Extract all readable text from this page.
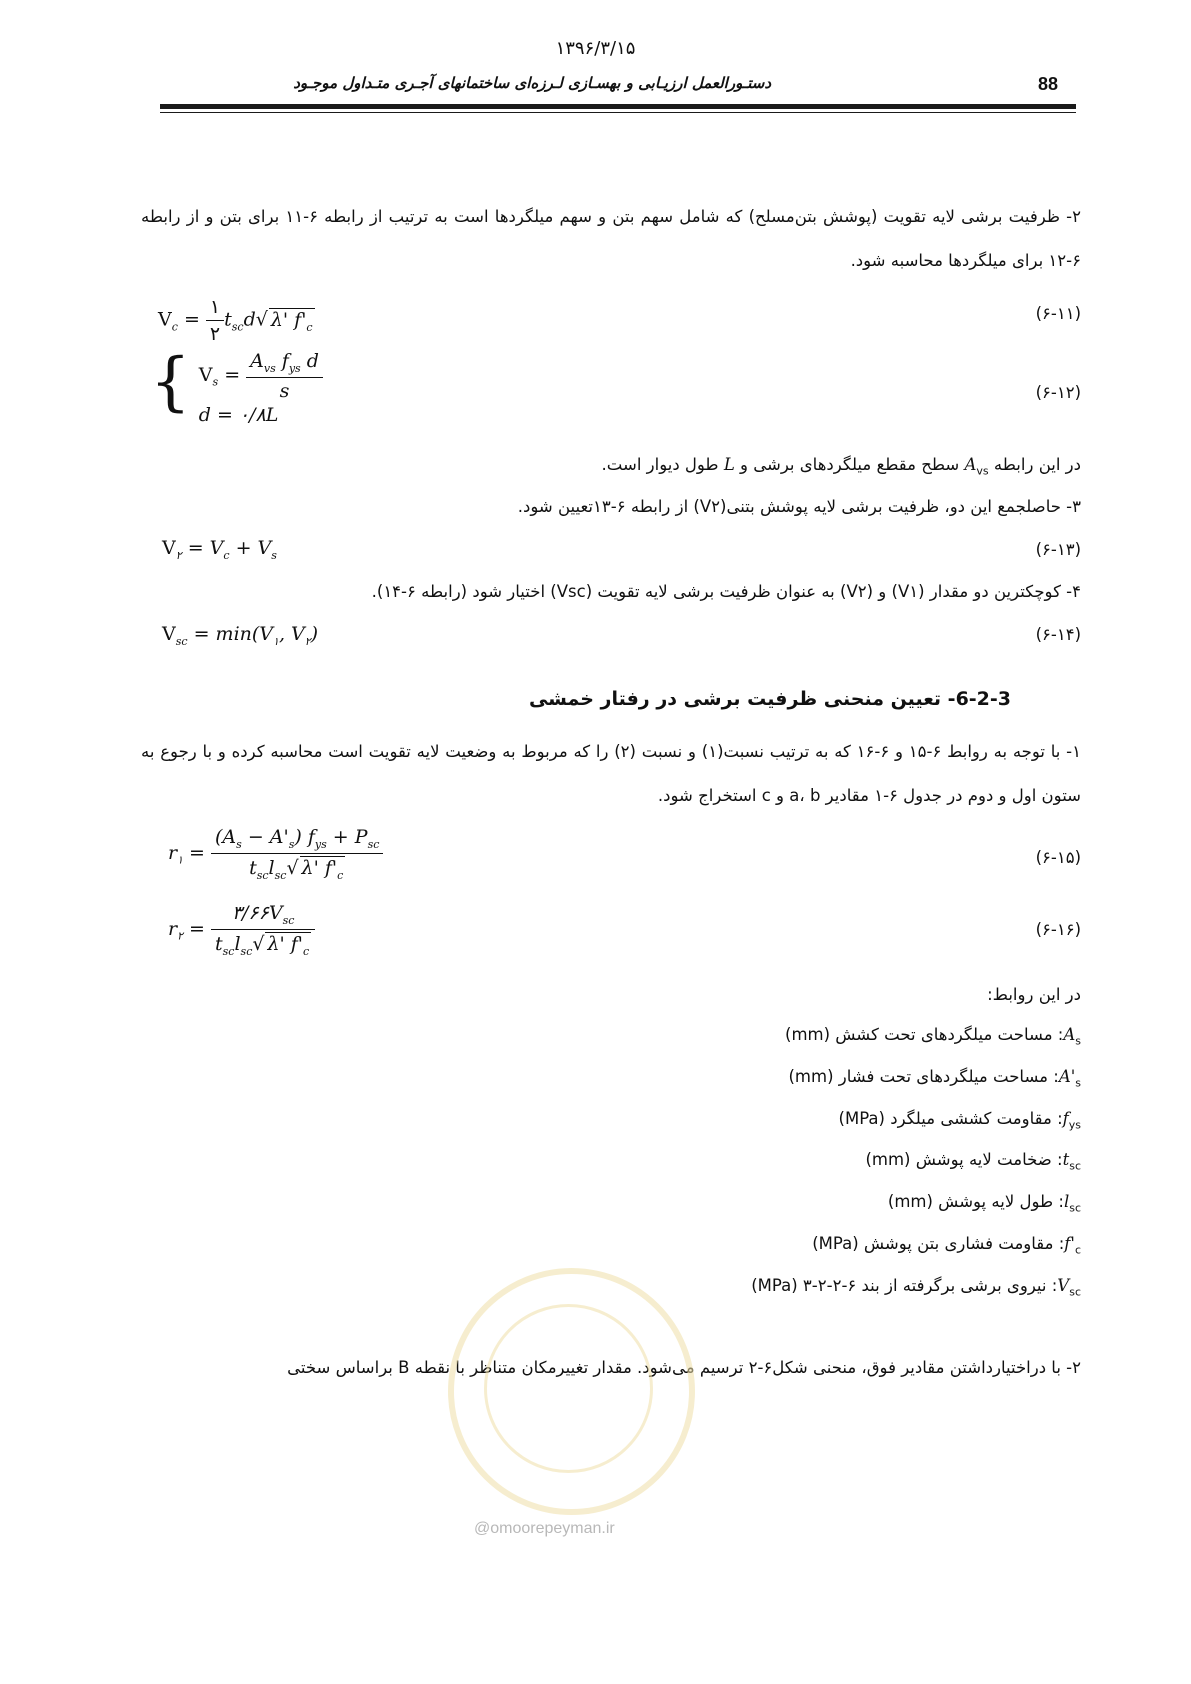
۱۳۹۶/۳/۱۵
دستـورالعمل ارزیـابی و بهسـازی لـرزه‌ای ساختمانهای آجـری متـداول موجـود	88
۲- ظرفیت برشی لایه تقویت (پوشش بتن‌مسلح) که شامل سهم بتن و سهم میلگردها است به ترتیب از رابطه ۶-۱۱ برای بتن و از رابطه ۶-۱۲ برای میلگردها محاسبه شود.
$V_c = \frac{۱}{۲} t_{sc}d√$ λ' $f'_c$
(۶-۱۱)
{ $V_s = \frac{A_{vs} f_{ys} d}{s}$
d = ۰/۸L
(۶-۱۲)
در این رابطه $A_{vs}$ سطح مقطع میلگردهای برشی و L طول دیوار است.
۳- حاصلجمع این دو، ظرفیت برشی لایه پوشش بتنی(V۲) از رابطه ۶-۱۳تعیین شود.
$V_۲ = V_c + V_s$	(۶-۱۳)
۴- کوچکترین دو مقدار (V۱) و (V۲) به عنوان ظرفیت برشی لایه تقویت (Vsc) اختیار شود (رابطه ۶-۱۴).
$V_{sc} = \min(V_۱$, $V_۲$)	(۶-۱۴)
6-2-3- تعیین منحنی ظرفیت برشی در رفتار خمشی
۱- با توجه به روابط ۶-۱۵ و ۶-۱۶ که به ترتیب نسبت(۱) و نسبت (۲) را که مربوط به وضعیت لایه تقویت است محاسبه کرده و با رجوع به ستون اول و دوم در جدول ۶-۱ مقادیر a، b و c استخراج شود.
$r_۱ = \frac{(A_s - A'_s) f_{ys} + P_{sc}}{t_{sc}l_{sc}√ \lambda' f'_c}$	(۶-۱۵)
$r_۲ = \frac{۳/۶۶V_{sc}}{t_{sc}l_{sc}√ \lambda' f'_c}$	(۶-۱۶)
در این روابط:
$A_s$: مساحت میلگردهای تحت کشش (mm)
$A'_s$: مساحت میلگردهای تحت فشار (mm)
$f_{ys}$: مقاومت کششی میلگرد (MPa)
$t_{sc}$: ضخامت لایه پوشش (mm)
$l_{sc}$: طول لایه پوشش (mm)
$f'_c$: مقاومت فشاری بتن پوشش (MPa)
$V_{sc}$: نیروی برشی برگرفته از بند ۶-۲-۲-۳ (MPa)
۲- با دراختیارداشتن مقادیر فوق، منحنی شکل۶-۲ ترسیم می‌شود. مقدار تغییرمکان متناظر با نقطه B براساس سختی
@omoorepeyman.ir
